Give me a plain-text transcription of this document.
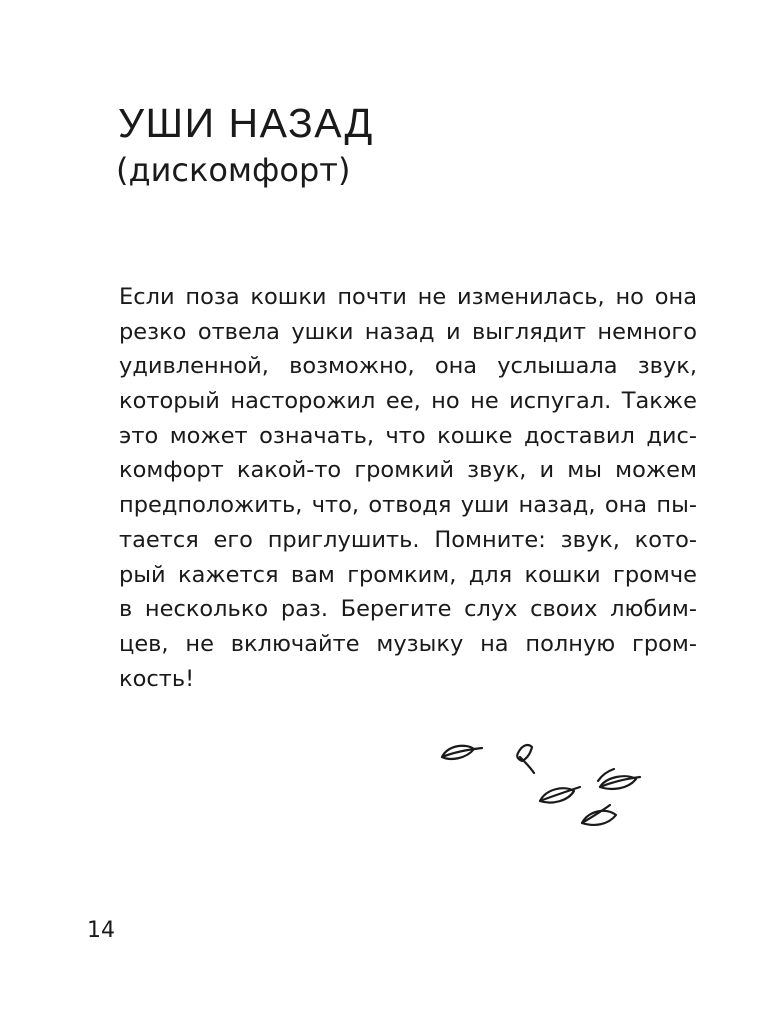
УШИ НАЗАД
(дискомфорт)
Если поза кошки почти не изменилась, но она
резко отвела ушки назад и выглядит немного
удивленной, возможно, она услышала звук,
который насторожил ее, но не испугал. Также
это может означать, что кошке доставил дис-
комфорт какой-то громкий звук, и мы можем
предположить, что, отводя уши назад, она пы-
тается его приглушить. Помните: звук, кото-
рый кажется вам громким, для кошки громче
в несколько раз. Берегите слух своих любим-
цев, не включайте музыку на полную гром-
кость!
14
